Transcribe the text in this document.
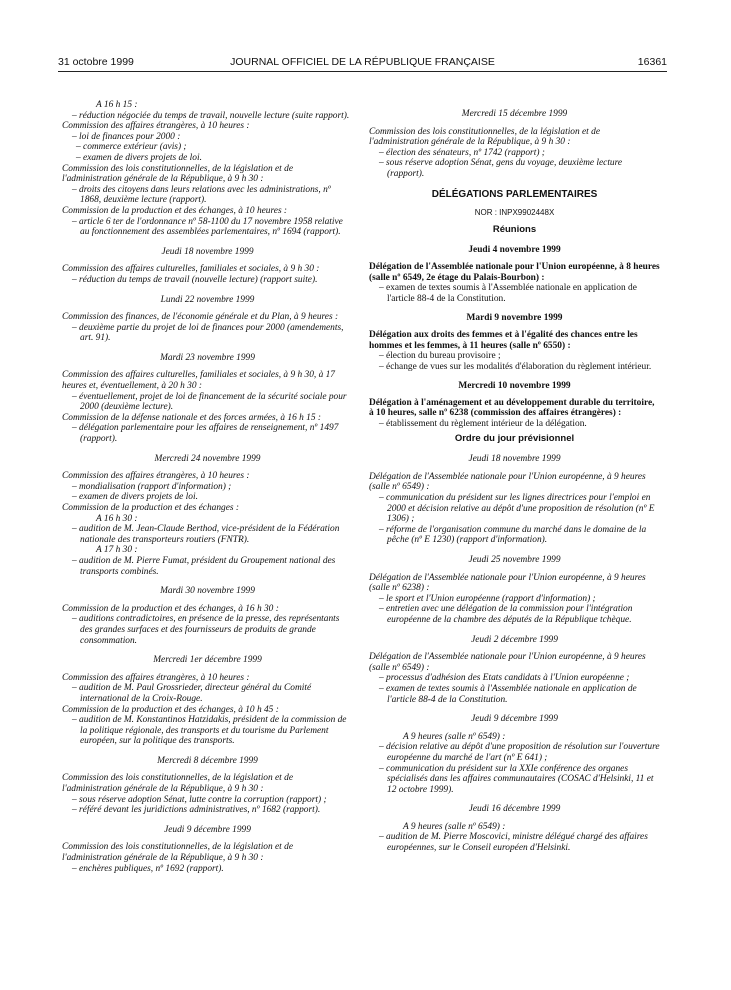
31 octobre 1999	JOURNAL OFFICIEL DE LA RÉPUBLIQUE FRANÇAISE	16361
A 16 h 15 :
– réduction négociée du temps de travail, nouvelle lecture (suite rapport).
Commission des affaires étrangères, à 10 heures :
– loi de finances pour 2000 :
– commerce extérieur (avis) ;
– examen de divers projets de loi.
Commission des lois constitutionnelles, de la législation et de l'administration générale de la République, à 9 h 30 :
– droits des citoyens dans leurs relations avec les administrations, nº 1868, deuxième lecture (rapport).
Commission de la production et des échanges, à 10 heures :
– article 6 ter de l'ordonnance nº 58-1100 du 17 novembre 1958 relative au fonctionnement des assemblées parlementaires, nº 1694 (rapport).
Jeudi 18 novembre 1999
Commission des affaires culturelles, familiales et sociales, à 9 h 30 :
– réduction du temps de travail (nouvelle lecture) (rapport suite).
Lundi 22 novembre 1999
Commission des finances, de l'économie générale et du Plan, à 9 heures :
– deuxième partie du projet de loi de finances pour 2000 (amendements, art. 91).
Mardi 23 novembre 1999
Commission des affaires culturelles, familiales et sociales, à 9 h 30, à 17 heures et, éventuellement, à 20 h 30 :
– éventuellement, projet de loi de financement de la sécurité sociale pour 2000 (deuxième lecture).
Commission de la défense nationale et des forces armées, à 16 h 15 :
– délégation parlementaire pour les affaires de renseignement, nº 1497 (rapport).
Mercredi 24 novembre 1999
Commission des affaires étrangères, à 10 heures :
– mondialisation (rapport d'information) ;
– examen de divers projets de loi.
Commission de la production et des échanges :
A 16 h 30 :
– audition de M. Jean-Claude Berthod, vice-président de la Fédération nationale des transporteurs routiers (FNTR).
A 17 h 30 :
– audition de M. Pierre Fumat, président du Groupement national des transports combinés.
Mardi 30 novembre 1999
Commission de la production et des échanges, à 16 h 30 :
– auditions contradictoires, en présence de la presse, des représentants des grandes surfaces et des fournisseurs de produits de grande consommation.
Mercredi 1er décembre 1999
Commission des affaires étrangères, à 10 heures :
– audition de M. Paul Grossrieder, directeur général du Comité international de la Croix-Rouge.
Commission de la production et des échanges, à 10 h 45 :
– audition de M. Konstantinos Hatzidakis, président de la commission de la politique régionale, des transports et du tourisme du Parlement européen, sur la politique des transports.
Mercredi 8 décembre 1999
Commission des lois constitutionnelles, de la législation et de l'administration générale de la République, à 9 h 30 :
– sous réserve adoption Sénat, lutte contre la corruption (rapport) ;
– référé devant les juridictions administratives, nº 1682 (rapport).
Jeudi 9 décembre 1999
Commission des lois constitutionnelles, de la législation et de l'administration générale de la République, à 9 h 30 :
– enchères publiques, nº 1692 (rapport).
Mercredi 15 décembre 1999
Commission des lois constitutionnelles, de la législation et de l'administration générale de la République, à 9 h 30 :
– élection des sénateurs, nº 1742 (rapport) ;
– sous réserve adoption Sénat, gens du voyage, deuxième lecture (rapport).
DÉLÉGATIONS PARLEMENTAIRES
NOR : INPX9902448X
Réunions
Jeudi 4 novembre 1999
Délégation de l'Assemblée nationale pour l'Union européenne, à 8 heures (salle nº 6549, 2e étage du Palais-Bourbon) :
– examen de textes soumis à l'Assemblée nationale en application de l'article 88-4 de la Constitution.
Mardi 9 novembre 1999
Délégation aux droits des femmes et à l'égalité des chances entre les hommes et les femmes, à 11 heures (salle nº 6550) :
– élection du bureau provisoire ;
– échange de vues sur les modalités d'élaboration du règlement intérieur.
Mercredi 10 novembre 1999
Délégation à l'aménagement et au développement durable du territoire, à 10 heures, salle nº 6238 (commission des affaires étrangères) :
– établissement du règlement intérieur de la délégation.
Ordre du jour prévisionnel
Jeudi 18 novembre 1999
Délégation de l'Assemblée nationale pour l'Union européenne, à 9 heures (salle nº 6549) :
– communication du président sur les lignes directrices pour l'emploi en 2000 et décision relative au dépôt d'une proposition de résolution (nº E 1306) ;
– réforme de l'organisation commune du marché dans le domaine de la pêche (nº E 1230) (rapport d'information).
Jeudi 25 novembre 1999
Délégation de l'Assemblée nationale pour l'Union européenne, à 9 heures (salle nº 6238) :
– le sport et l'Union européenne (rapport d'information) ;
– entretien avec une délégation de la commission pour l'intégration européenne de la chambre des députés de la République tchèque.
Jeudi 2 décembre 1999
Délégation de l'Assemblée nationale pour l'Union européenne, à 9 heures (salle nº 6549) :
– processus d'adhésion des Etats candidats à l'Union européenne ;
– examen de textes soumis à l'Assemblée nationale en application de l'article 88-4 de la Constitution.
Jeudi 9 décembre 1999
A 9 heures (salle nº 6549) :
– décision relative au dépôt d'une proposition de résolution sur l'ouverture européenne du marché de l'art (nº E 641) ;
– communication du président sur la XXIe conférence des organes spécialisés dans les affaires communautaires (COSAC d'Helsinki, 11 et 12 octobre 1999).
Jeudi 16 décembre 1999
A 9 heures (salle nº 6549) :
– audition de M. Pierre Moscovici, ministre délégué chargé des affaires européennes, sur le Conseil européen d'Helsinki.
